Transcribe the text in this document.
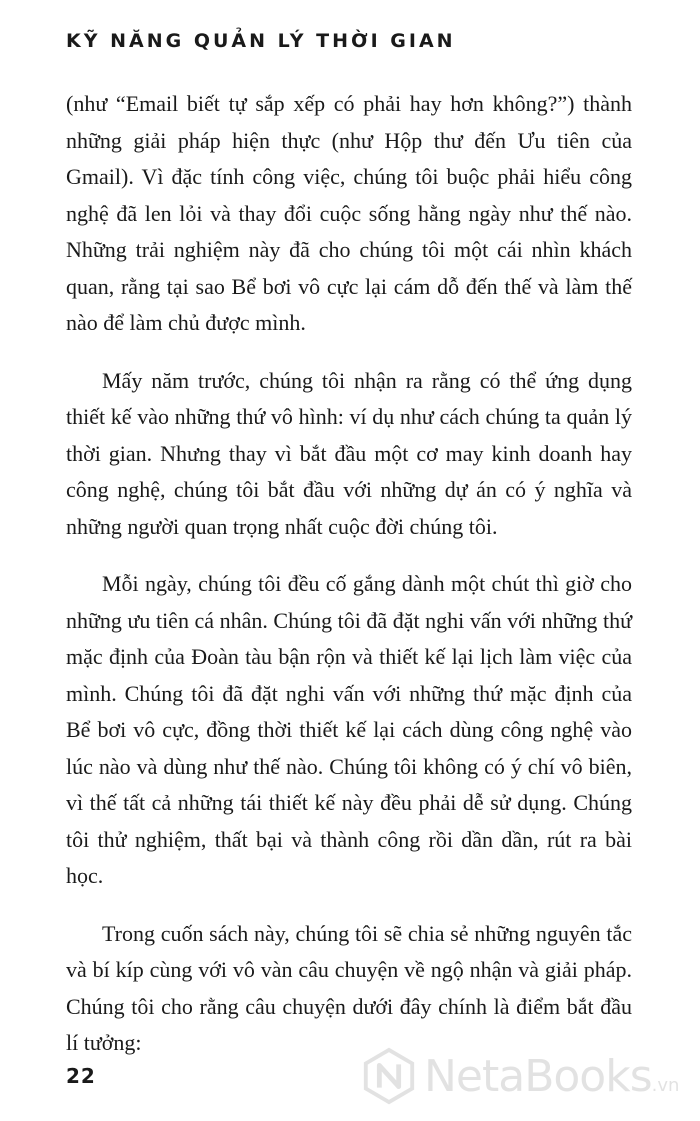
KỸ NĂNG QUẢN LÝ THỜI GIAN

(như “Email biết tự sắp xếp có phải hay hơn không?”) thành những giải pháp hiện thực (như Hộp thư đến Ưu tiên của Gmail). Vì đặc tính công việc, chúng tôi buộc phải hiểu công nghệ đã len lỏi và thay đổi cuộc sống hằng ngày như thế nào. Những trải nghiệm này đã cho chúng tôi một cái nhìn khách quan, rằng tại sao Bể bơi vô cực lại cám dỗ đến thế và làm thế nào để làm chủ được mình.

Mấy năm trước, chúng tôi nhận ra rằng có thể ứng dụng thiết kế vào những thứ vô hình: ví dụ như cách chúng ta quản lý thời gian. Nhưng thay vì bắt đầu một cơ may kinh doanh hay công nghệ, chúng tôi bắt đầu với những dự án có ý nghĩa và những người quan trọng nhất cuộc đời chúng tôi.

Mỗi ngày, chúng tôi đều cố gắng dành một chút thì giờ cho những ưu tiên cá nhân. Chúng tôi đã đặt nghi vấn với những thứ mặc định của Đoàn tàu bận rộn và thiết kế lại lịch làm việc của mình. Chúng tôi đã đặt nghi vấn với những thứ mặc định của Bể bơi vô cực, đồng thời thiết kế lại cách dùng công nghệ vào lúc nào và dùng như thế nào. Chúng tôi không có ý chí vô biên, vì thế tất cả những tái thiết kế này đều phải dễ sử dụng. Chúng tôi thử nghiệm, thất bại và thành công rồi dần dần, rút ra bài học.

Trong cuốn sách này, chúng tôi sẽ chia sẻ những nguyên tắc và bí kíp cùng với vô vàn câu chuyện về ngộ nhận và giải pháp. Chúng tôi cho rằng câu chuyện dưới đây chính là điểm bắt đầu lí tưởng:

22	NetaBooks .vn
